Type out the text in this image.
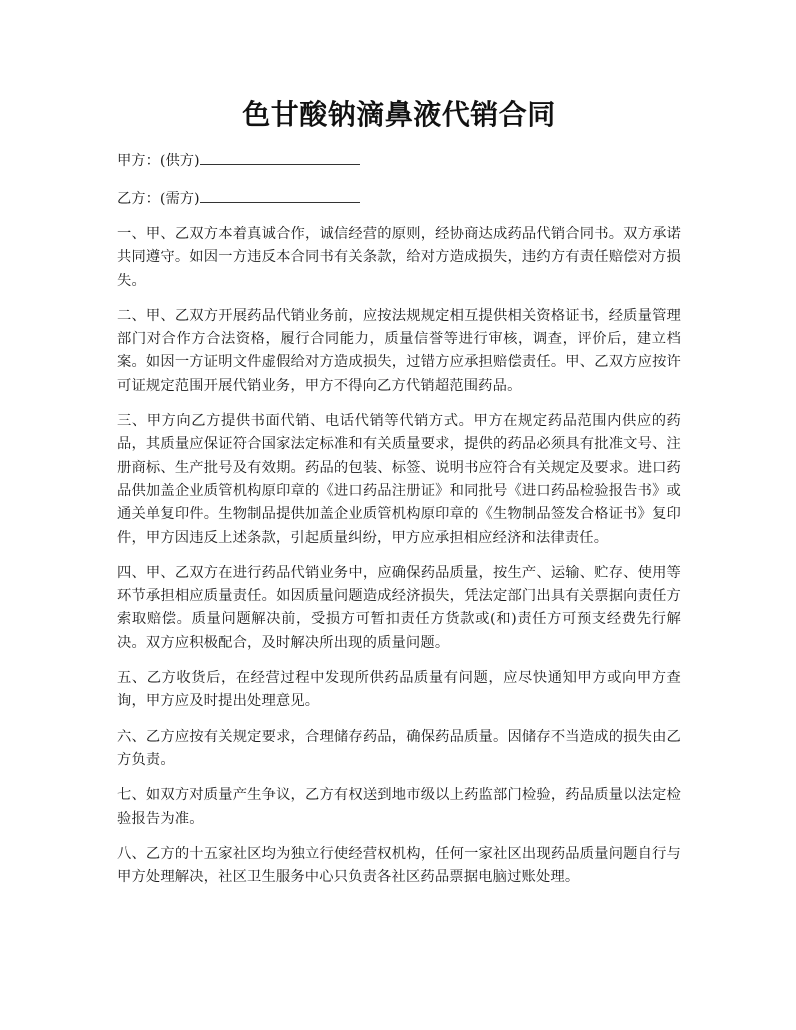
色甘酸钠滴鼻液代销合同

甲方：(供方)

乙方：(需方)

一、甲、乙双方本着真诚合作，诚信经营的原则，经协商达成药品代销合同书。双方承诺共同遵守。如因一方违反本合同书有关条款，给对方造成损失，违约方有责任赔偿对方损失。

二、甲、乙双方开展药品代销业务前，应按法规规定相互提供相关资格证书，经质量管理部门对合作方合法资格，履行合同能力，质量信誉等进行审核，调查，评价后，建立档案。如因一方证明文件虚假给对方造成损失，过错方应承担赔偿责任。甲、乙双方应按许可证规定范围开展代销业务，甲方不得向乙方代销超范围药品。

三、甲方向乙方提供书面代销、电话代销等代销方式。甲方在规定药品范围内供应的药品，其质量应保证符合国家法定标准和有关质量要求，提供的药品必须具有批准文号、注册商标、生产批号及有效期。药品的包装、标签、说明书应符合有关规定及要求。进口药品供加盖企业质管机构原印章的《进口药品注册证》和同批号《进口药品检验报告书》或通关单复印件。生物制品提供加盖企业质管机构原印章的《生物制品签发合格证书》复印件，甲方因违反上述条款，引起质量纠纷，甲方应承担相应经济和法律责任。

四、甲、乙双方在进行药品代销业务中，应确保药品质量，按生产、运输、贮存、使用等环节承担相应质量责任。如因质量问题造成经济损失，凭法定部门出具有关票据向责任方索取赔偿。质量问题解决前，受损方可暂扣责任方货款或(和)责任方可预支经费先行解决。双方应积极配合，及时解决所出现的质量问题。

五、乙方收货后，在经营过程中发现所供药品质量有问题，应尽快通知甲方或向甲方查询，甲方应及时提出处理意见。

六、乙方应按有关规定要求，合理储存药品，确保药品质量。因储存不当造成的损失由乙方负责。

七、如双方对质量产生争议，乙方有权送到地市级以上药监部门检验，药品质量以法定检验报告为准。

八、乙方的十五家社区均为独立行使经营权机构，任何一家社区出现药品质量问题自行与甲方处理解决，社区卫生服务中心只负责各社区药品票据电脑过账处理。
